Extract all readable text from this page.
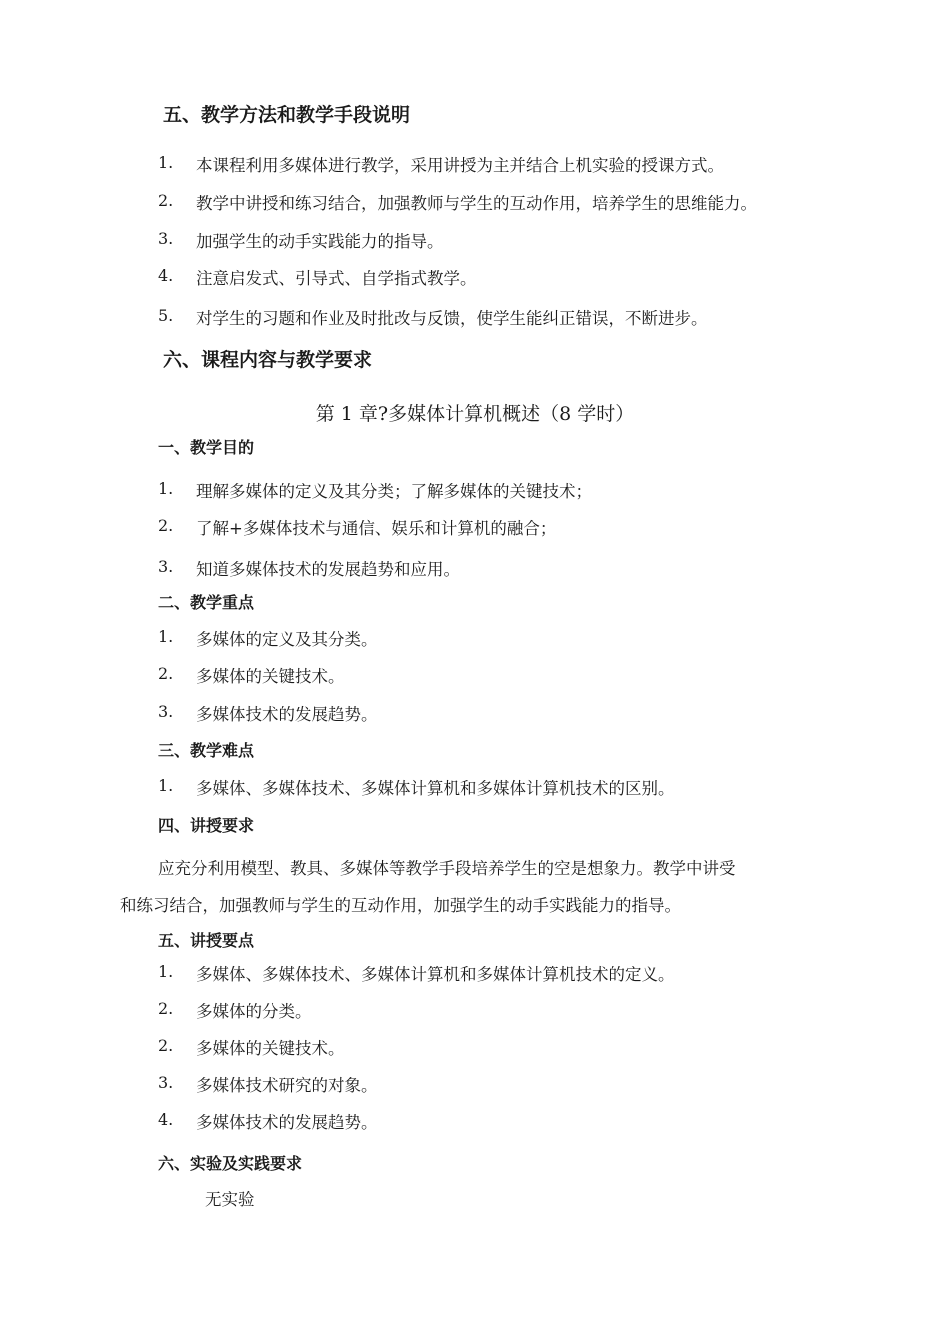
五、教学方法和教学手段说明
1. 本课程利用多媒体进行教学，采用讲授为主并结合上机实验的授课方式。
2. 教学中讲授和练习结合，加强教师与学生的互动作用，培养学生的思维能力。
3. 加强学生的动手实践能力的指导。
4. 注意启发式、引导式、自学指式教学。
5. 对学生的习题和作业及时批改与反馈，使学生能纠正错误，不断进步。
六、课程内容与教学要求
第 1 章?多媒体计算机概述（8 学时）
一、教学目的
1. 理解多媒体的定义及其分类；了解多媒体的关键技术；
2. 了解+多媒体技术与通信、娱乐和计算机的融合；
3. 知道多媒体技术的发展趋势和应用。
二、教学重点
1. 多媒体的定义及其分类。
2. 多媒体的关键技术。
3. 多媒体技术的发展趋势。
三、教学难点
1. 多媒体、多媒体技术、多媒体计算机和多媒体计算机技术的区别。
四、讲授要求
应充分利用模型、教具、多媒体等教学手段培养学生的空是想象力。教学中讲受
和练习结合，加强教师与学生的互动作用，加强学生的动手实践能力的指导。
五、讲授要点
1. 多媒体、多媒体技术、多媒体计算机和多媒体计算机技术的定义。
2. 多媒体的分类。
2. 多媒体的关键技术。
3. 多媒体技术研究的对象。
4. 多媒体技术的发展趋势。
六、实验及实践要求
无实验
